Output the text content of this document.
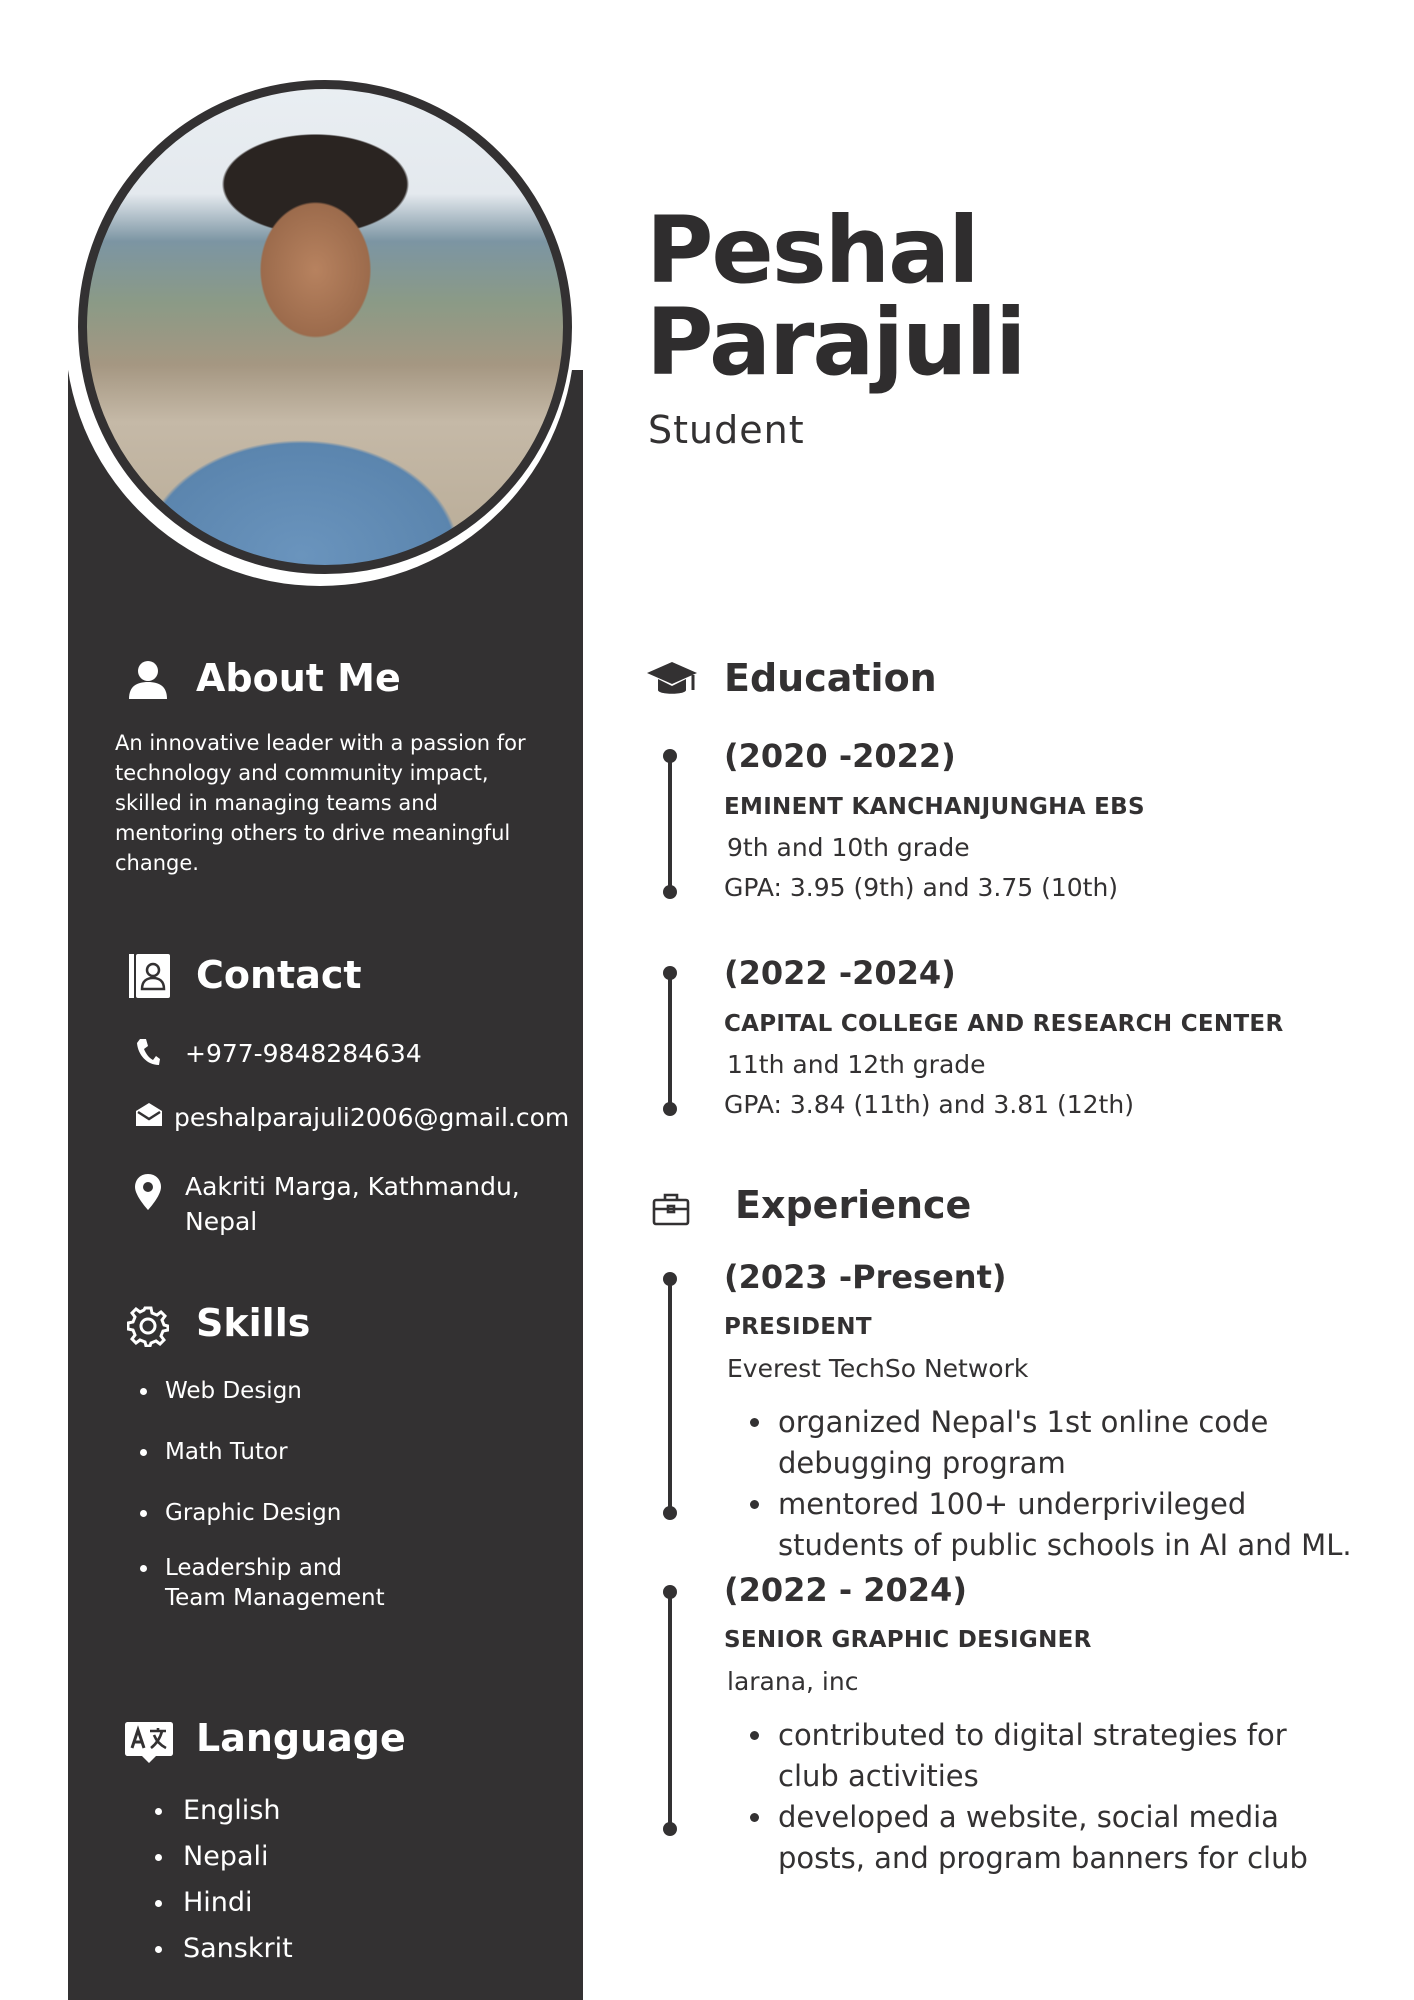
Peshal
Parajuli
Student
About Me
An innovative leader with a passion for technology and community impact, skilled in managing teams and mentoring others to drive meaningful change.
Contact
+977-9848284634
peshalparajuli2006@gmail.com
Aakriti Marga, Kathmandu,
Nepal
Skills
Web Design
Math Tutor
Graphic Design
Leadership and
Team Management
Language
English
Nepali
Hindi
Sanskrit
Education
(2020 -2022)
EMINENT KANCHANJUNGHA EBS
9th and 10th grade
GPA: 3.95 (9th) and 3.75 (10th)
(2022 -2024)
CAPITAL COLLEGE AND RESEARCH CENTER
11th and 12th grade
GPA: 3.84 (11th) and 3.81 (12th)
Experience
(2023 -Present)
PRESIDENT
Everest TechSo Network
organized Nepal's 1st online code
debugging program
mentored 100+ underprivileged
students of public schools in AI and ML.
(2022 - 2024)
SENIOR GRAPHIC DESIGNER
larana, inc
contributed to digital strategies for
club activities
developed a website, social media
posts, and program banners for club
